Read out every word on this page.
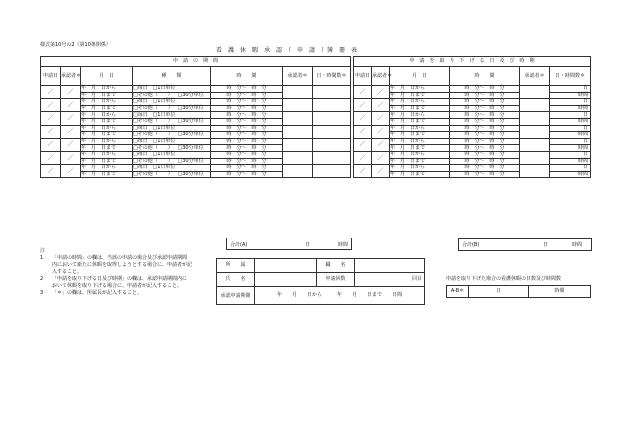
様式第10号の2（第10条関係）
看　護　休　暇　承　認　（　申　請　）簿　冊　表
申　請　の　期　間						
申請日	承認者＊	月　日	種　　類	時　　間	承認者＊	日・時間数＊
／	／	年　月　日から	□毎日 □1日単位	時　分～　時　分		
		年　月　日まで	□その他（　　） □30分単位	時　分～　時　分		
／	／	年　月　日から	□毎日 □1日単位	時　分～　時　分		
		年　月　日まで	□その他（　　） □30分単位	時　分～　時　分		
／	／	年　月　日から	□毎日 □1日単位	時　分～　時　分		
		年　月　日まで	□その他（　　） □30分単位	時　分～　時　分		
／	／	年　月　日から	□毎日 □1日単位	時　分～　時　分		
		年　月　日まで	□その他（　　） □30分単位	時　分～　時　分		
／	／	年　月　日から	□毎日 □1日単位	時　分～　時　分		
		年　月　日まで	□その他（　　） □30分単位	時　分～　時　分		
／	／	年　月　日から	□毎日 □1日単位	時　分～　時　分		
		年　月　日まで	□その他（　　） □30分単位	時　分～　時　分		
／	／	年　月　日から	□毎日 □1日単位	時　分～　時　分		
		年　月　日まで	□その他（　　） □30分単位	時　分～　時　分		
申　請　を　取　り　下　げ　る　日　及　び　時　期					
申請日	承認者＊	月　日	時　　間	承認者＊	日・時間数＊
／	／	年　月　日から	時　分～　時　分		日
		年　月　日まで	時　分～　時　分		時間
／	／	年　月　日から	時　分～　時　分		日
		年　月　日まで	時　分～　時　分		時間
／	／	年　月　日から	時　分～　時　分		日
		年　月　日まで	時　分～　時　分		時間
／	／	年　月　日から	時　分～　時　分		日
		年　月　日まで	時　分～　時　分		時間
／	／	年　月　日から	時　分～　時　分		日
		年　月　日まで	時　分～　時　分		時間
／	／	年　月　日から	時　分～　時　分		日
		年　月　日まで	時　分～　時　分		時間
／	／	年　月　日から	時　分～　時　分		日
		年　月　日まで	時　分～　時　分		時間
合計(A)	日	時間	合計(B)	日	時間
注
1 「申請の時間」の欄は、当該の申請の場合及び承認申請期間
内において新たに休暇を取得しようとする場合に、申請者が記
入すること。
2 「申請を取り下げる日及び時期」の欄は、承認申請期間内に
おいて休暇を取り下げる場合に、申請者が記入すること。
3 「＊」の欄は、所属長が記入すること。
所　　属		職　　名	
氏　　名		申請回数	回目
承認申請期間	年　　月　　日から　　　年　　月　　日まで　　日間		
申請を取り下げた場合の看護休暇の日数及び時間数
A-B＊	日	時間
